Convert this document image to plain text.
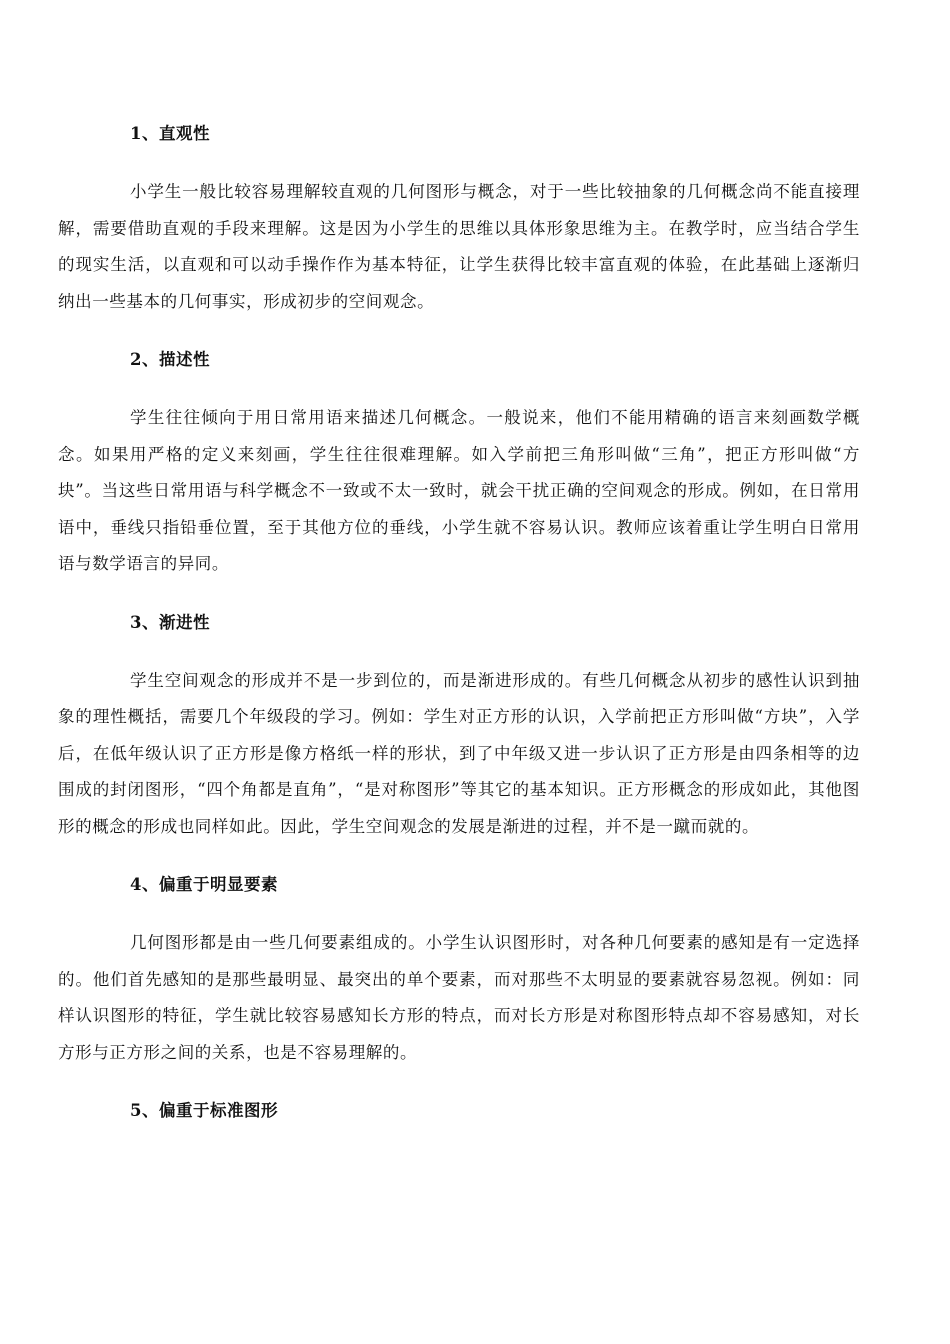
1、直观性

小学生一般比较容易理解较直观的几何图形与概念，对于一些比较抽象的几何概念尚不能直接理解，需要借助直观的手段来理解。这是因为小学生的思维以具体形象思维为主。在教学时，应当结合学生的现实生活，以直观和可以动手操作作为基本特征，让学生获得比较丰富直观的体验，在此基础上逐渐归纳出一些基本的几何事实，形成初步的空间观念。

2、描述性

学生往往倾向于用日常用语来描述几何概念。一般说来，他们不能用精确的语言来刻画数学概念。如果用严格的定义来刻画，学生往往很难理解。如入学前把三角形叫做“三角”，把正方形叫做“方块”。当这些日常用语与科学概念不一致或不太一致时，就会干扰正确的空间观念的形成。例如，在日常用语中，垂线只指铅垂位置，至于其他方位的垂线，小学生就不容易认识。教师应该着重让学生明白日常用语与数学语言的异同。

3、渐进性

学生空间观念的形成并不是一步到位的，而是渐进形成的。有些几何概念从初步的感性认识到抽象的理性概括，需要几个年级段的学习。例如：学生对正方形的认识，入学前把正方形叫做“方块”，入学后，在低年级认识了正方形是像方格纸一样的形状，到了中年级又进一步认识了正方形是由四条相等的边围成的封闭图形，“四个角都是直角”，“是对称图形”等其它的基本知识。正方形概念的形成如此，其他图形的概念的形成也同样如此。因此，学生空间观念的发展是渐进的过程，并不是一蹴而就的。

4、偏重于明显要素

几何图形都是由一些几何要素组成的。小学生认识图形时，对各种几何要素的感知是有一定选择的。他们首先感知的是那些最明显、最突出的单个要素，而对那些不太明显的要素就容易忽视。例如：同样认识图形的特征，学生就比较容易感知长方形的特点，而对长方形是对称图形特点却不容易感知，对长方形与正方形之间的关系，也是不容易理解的。

5、偏重于标准图形
